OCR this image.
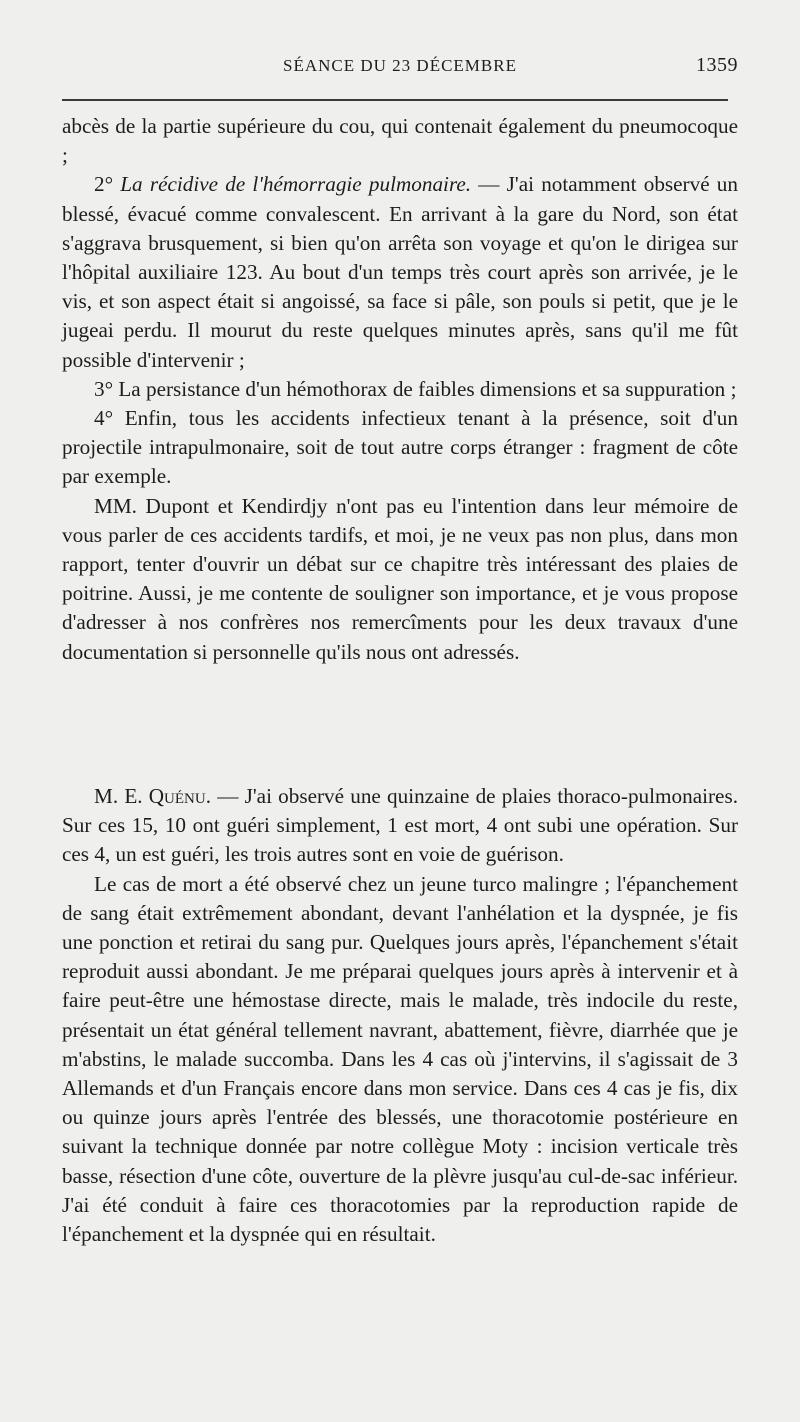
SÉANCE DU 23 DÉCEMBRE	1359

abcès de la partie supérieure du cou, qui contenait également du pneumocoque ;

2° La récidive de l'hémorragie pulmonaire. — J'ai notamment observé un blessé, évacué comme convalescent. En arrivant à la gare du Nord, son état s'aggrava brusquement, si bien qu'on arrêta son voyage et qu'on le dirigea sur l'hôpital auxiliaire 123. Au bout d'un temps très court après son arrivée, je le vis, et son aspect était si angoissé, sa face si pâle, son pouls si petit, que je le jugeai perdu. Il mourut du reste quelques minutes après, sans qu'il me fût possible d'intervenir ;

3° La persistance d'un hémothorax de faibles dimensions et sa suppuration ;

4° Enfin, tous les accidents infectieux tenant à la présence, soit d'un projectile intrapulmonaire, soit de tout autre corps étranger : fragment de côte par exemple.

MM. Dupont et Kendirdjy n'ont pas eu l'intention dans leur mémoire de vous parler de ces accidents tardifs, et moi, je ne veux pas non plus, dans mon rapport, tenter d'ouvrir un débat sur ce chapitre très intéressant des plaies de poitrine. Aussi, je me contente de souligner son importance, et je vous propose d'adresser à nos confrères nos remercîments pour les deux travaux d'une documentation si personnelle qu'ils nous ont adressés.

M. E. Quénu. — J'ai observé une quinzaine de plaies thoraco-pulmonaires. Sur ces 15, 10 ont guéri simplement, 1 est mort, 4 ont subi une opération. Sur ces 4, un est guéri, les trois autres sont en voie de guérison.

Le cas de mort a été observé chez un jeune turco malingre ; l'épanchement de sang était extrêmement abondant, devant l'anhélation et la dyspnée, je fis une ponction et retirai du sang pur. Quelques jours après, l'épanchement s'était reproduit aussi abondant. Je me préparai quelques jours après à intervenir et à faire peut-être une hémostase directe, mais le malade, très indocile du reste, présentait un état général tellement navrant, abattement, fièvre, diarrhée que je m'abstins, le malade succomba. Dans les 4 cas où j'intervins, il s'agissait de 3 Allemands et d'un Français encore dans mon service. Dans ces 4 cas je fis, dix ou quinze jours après l'entrée des blessés, une thoracotomie postérieure en suivant la technique donnée par notre collègue Moty : incision verticale très basse, résection d'une côte, ouverture de la plèvre jusqu'au cul-de-sac inférieur. J'ai été conduit à faire ces thoracotomies par la reproduction rapide de l'épanchement et la dyspnée qui en résultait.
